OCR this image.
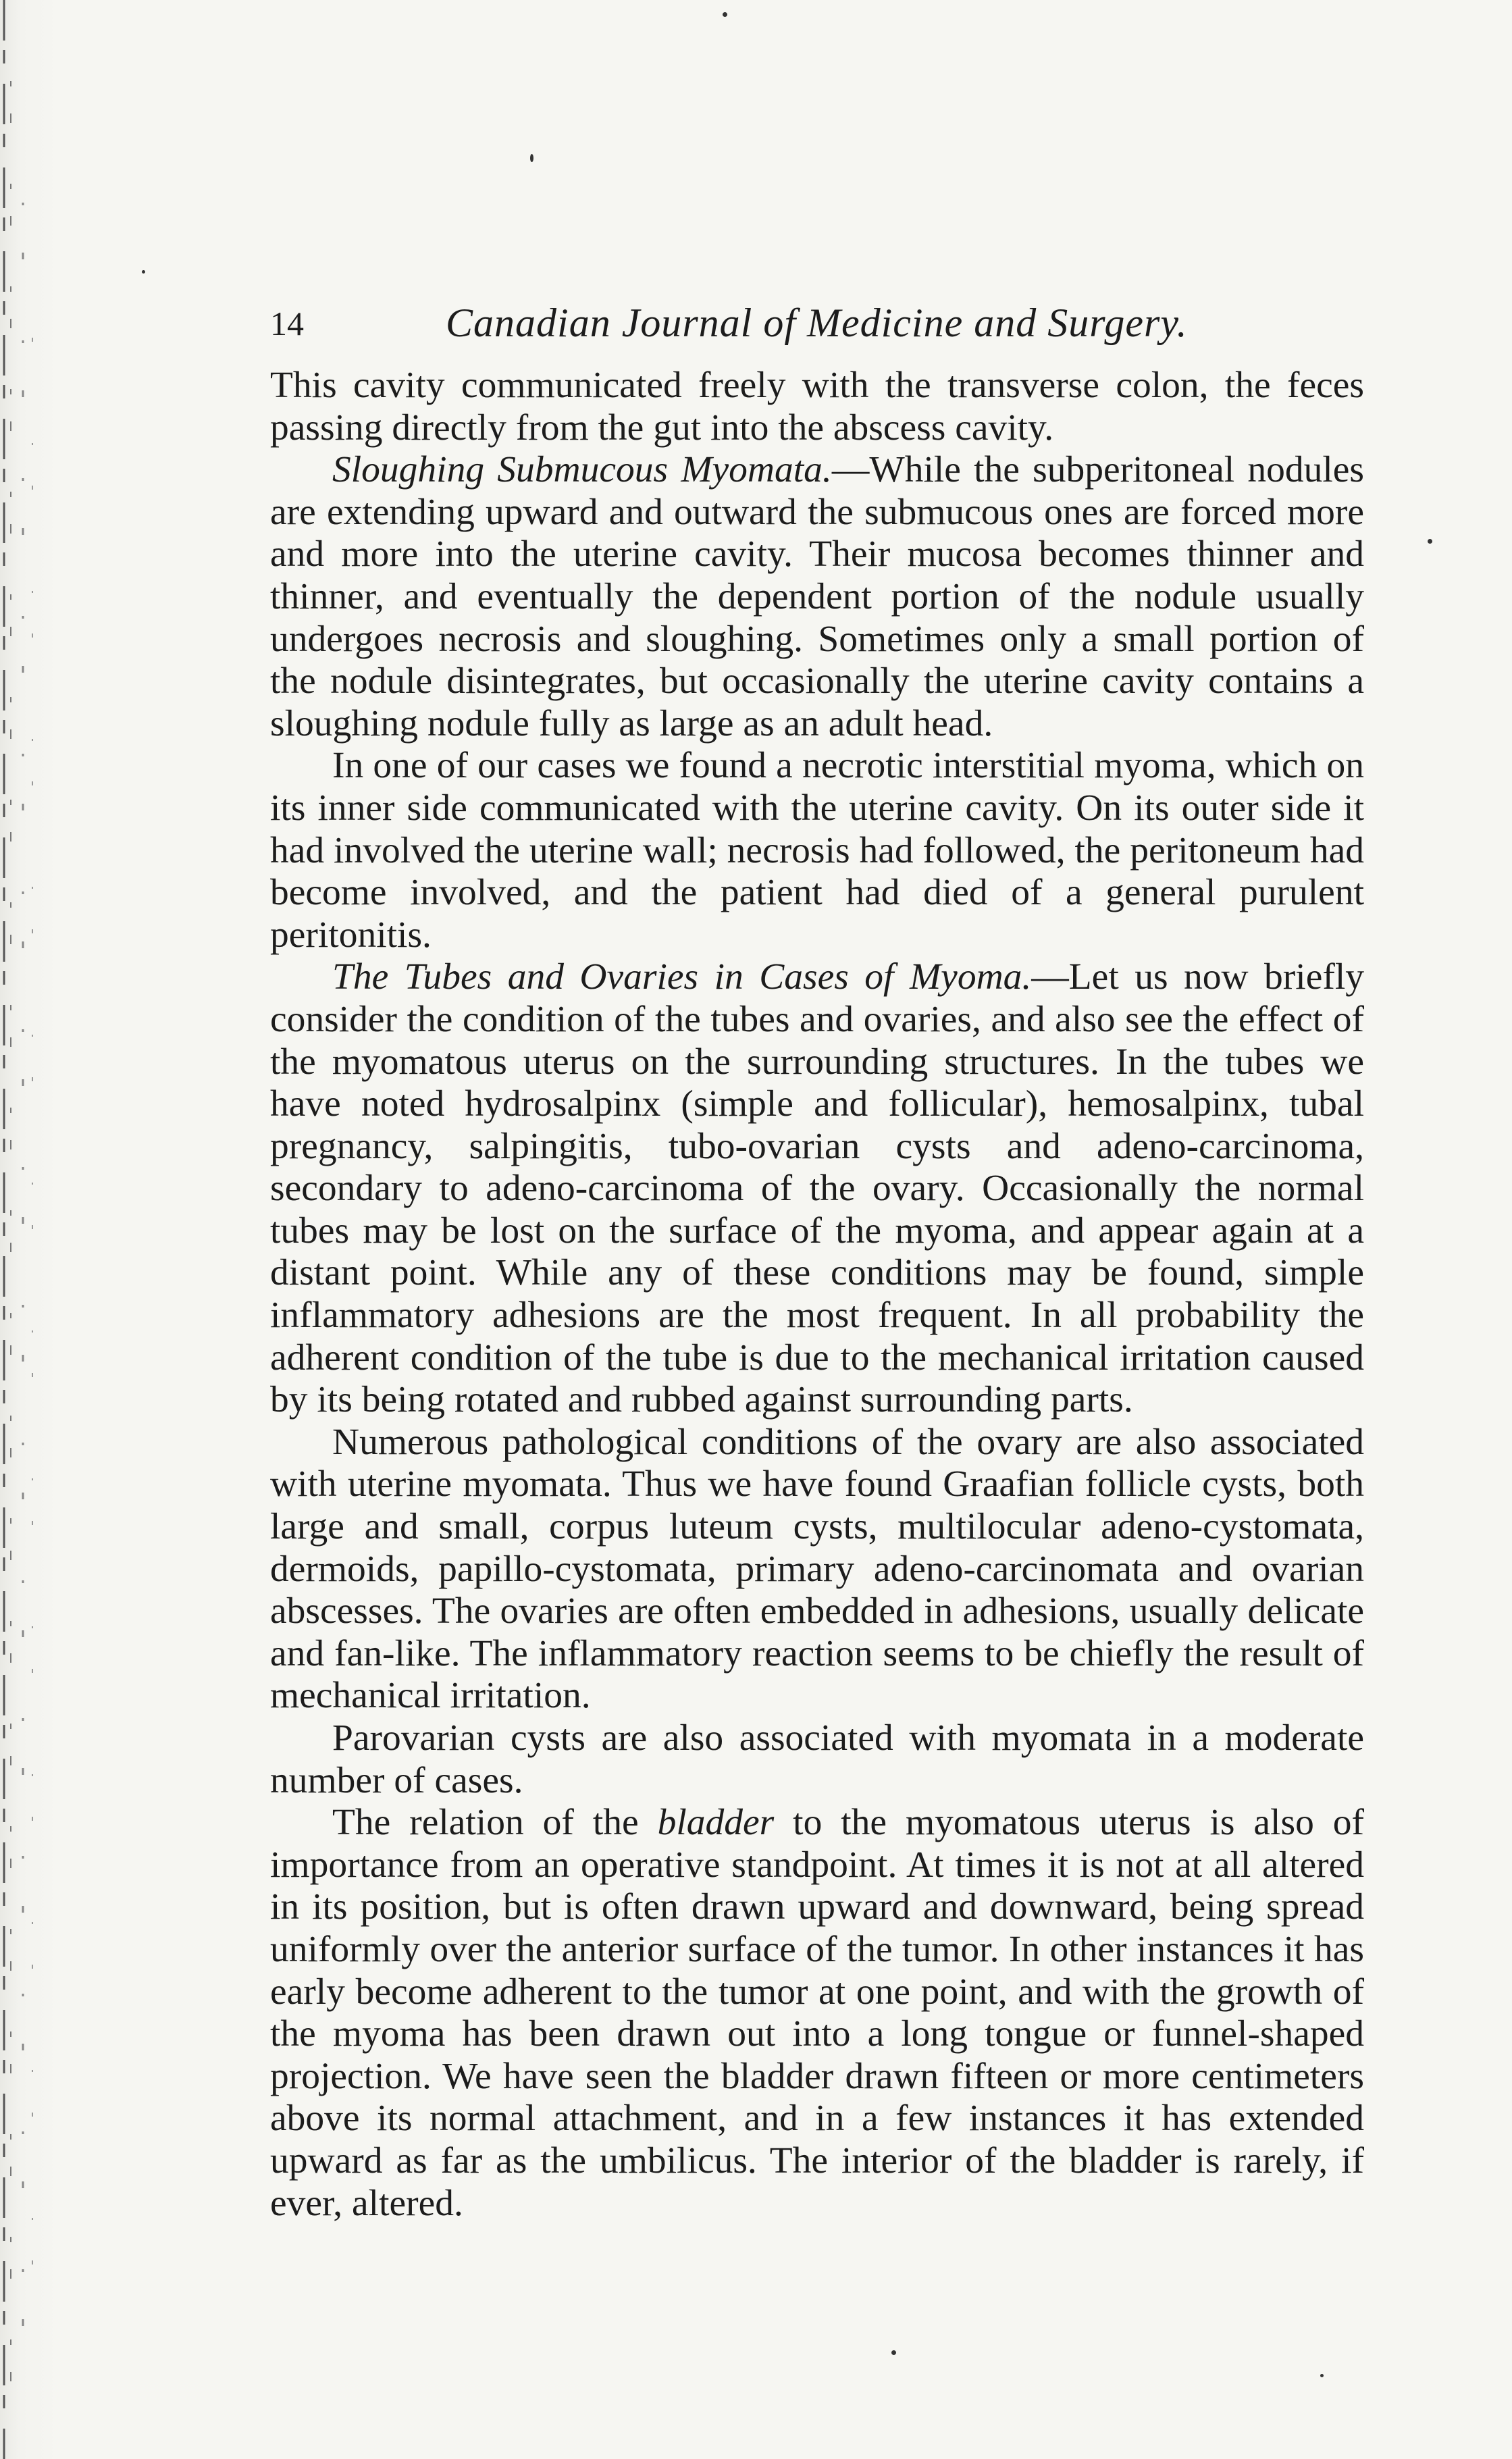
14	Canadian Journal of Medicine and Surgery.

This cavity communicated freely with the transverse colon, the feces passing directly from the gut into the abscess cavity.

Sloughing Submucous Myomata.—While the subperitoneal nodules are extending upward and outward the submucous ones are forced more and more into the uterine cavity. Their mucosa becomes thinner and thinner, and eventually the dependent portion of the nodule usually undergoes necrosis and sloughing. Sometimes only a small portion of the nodule disintegrates, but occasionally the uterine cavity contains a sloughing nodule fully as large as an adult head.

In one of our cases we found a necrotic interstitial myoma, which on its inner side communicated with the uterine cavity. On its outer side it had involved the uterine wall; necrosis had followed, the peritoneum had become involved, and the patient had died of a general purulent peritonitis.

The Tubes and Ovaries in Cases of Myoma.—Let us now briefly consider the condition of the tubes and ovaries, and also see the effect of the myomatous uterus on the surrounding structures. In the tubes we have noted hydrosalpinx (simple and follicular), hemosalpinx, tubal pregnancy, salpingitis, tubo-ovarian cysts and adeno-carcinoma, secondary to adeno-carcinoma of the ovary. Occasionally the normal tubes may be lost on the surface of the myoma, and appear again at a distant point. While any of these conditions may be found, simple inflammatory adhesions are the most frequent. In all probability the adherent condition of the tube is due to the mechanical irritation caused by its being rotated and rubbed against surrounding parts.

Numerous pathological conditions of the ovary are also associated with uterine myomata. Thus we have found Graafian follicle cysts, both large and small, corpus luteum cysts, multilocular adeno-cystomata, dermoids, papillo-cystomata, primary adeno-carcinomata and ovarian abscesses. The ovaries are often embedded in adhesions, usually delicate and fan-like. The inflammatory reaction seems to be chiefly the result of mechanical irritation.

Parovarian cysts are also associated with myomata in a moderate number of cases.

The relation of the bladder to the myomatous uterus is also of importance from an operative standpoint. At times it is not at all altered in its position, but is often drawn upward and downward, being spread uniformly over the anterior surface of the tumor. In other instances it has early become adherent to the tumor at one point, and with the growth of the myoma has been drawn out into a long tongue or funnel-shaped projection. We have seen the bladder drawn fifteen or more centimeters above its normal attachment, and in a few instances it has extended upward as far as the umbilicus. The interior of the bladder is rarely, if ever, altered.
